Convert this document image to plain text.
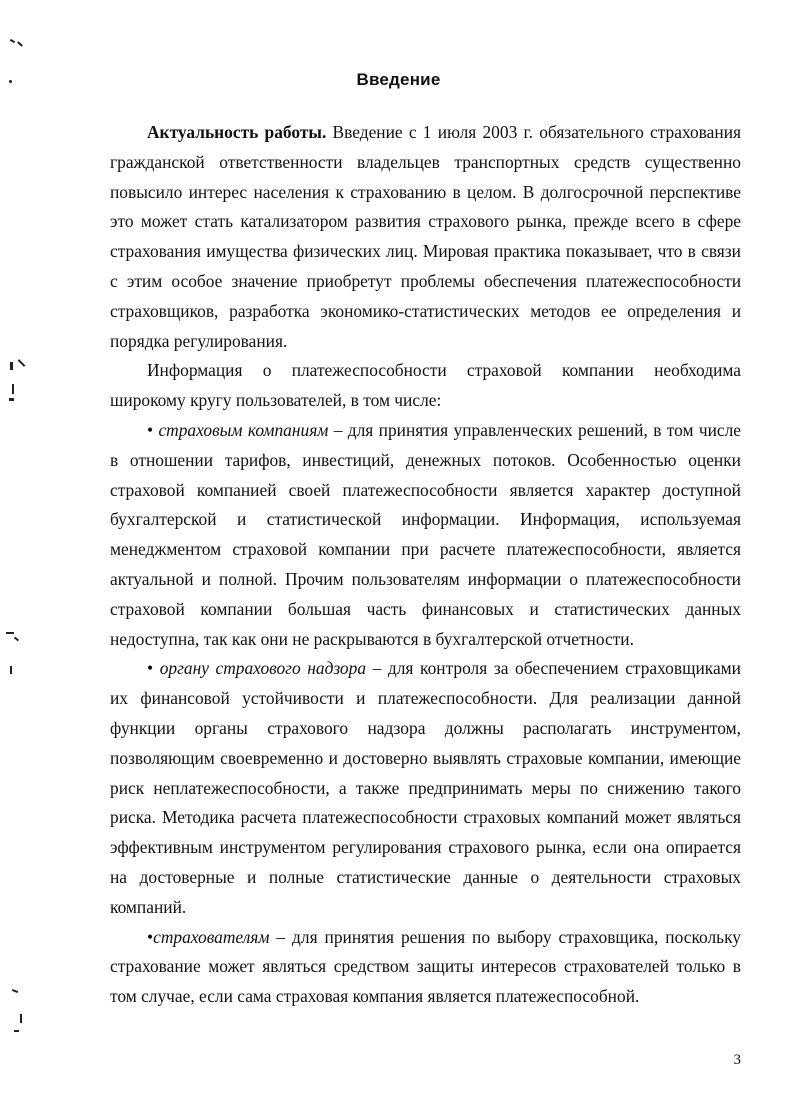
Введение

Актуальность работы. Введение с 1 июля 2003 г. обязательного страхования гражданской ответственности владельцев транспортных средств существенно повысило интерес населения к страхованию в целом. В долгосрочной перспективе это может стать катализатором развития страхового рынка, прежде всего в сфере страхования имущества физических лиц. Мировая практика показывает, что в связи с этим особое значение приобретут проблемы обеспечения платежеспособности страховщиков, разработка экономико-статистических методов ее определения и порядка регулирования.

Информация о платежеспособности страховой компании необходима широкому кругу пользователей, в том числе:

• страховым компаниям – для принятия управленческих решений, в том числе в отношении тарифов, инвестиций, денежных потоков. Особенностью оценки страховой компанией своей платежеспособности является характер доступной бухгалтерской и статистической информации. Информация, используемая менеджментом страховой компании при расчете платежеспособности, является актуальной и полной. Прочим пользователям информации о платежеспособности страховой компании большая часть финансовых и статистических данных недоступна, так как они не раскрываются в бухгалтерской отчетности.

• органу страхового надзора – для контроля за обеспечением страховщиками их финансовой устойчивости и платежеспособности. Для реализации данной функции органы страхового надзора должны располагать инструментом, позволяющим своевременно и достоверно выявлять страховые компании, имеющие риск неплатежеспособности, а также предпринимать меры по снижению такого риска. Методика расчета платежеспособности страховых компаний может являться эффективным инструментом регулирования страхового рынка, если она опирается на достоверные и полные статистические данные о деятельности страховых компаний.

•страхователям – для принятия решения по выбору страховщика, поскольку страхование может являться средством защиты интересов страхователей только в том случае, если сама страховая компания является платежеспособной.

3
